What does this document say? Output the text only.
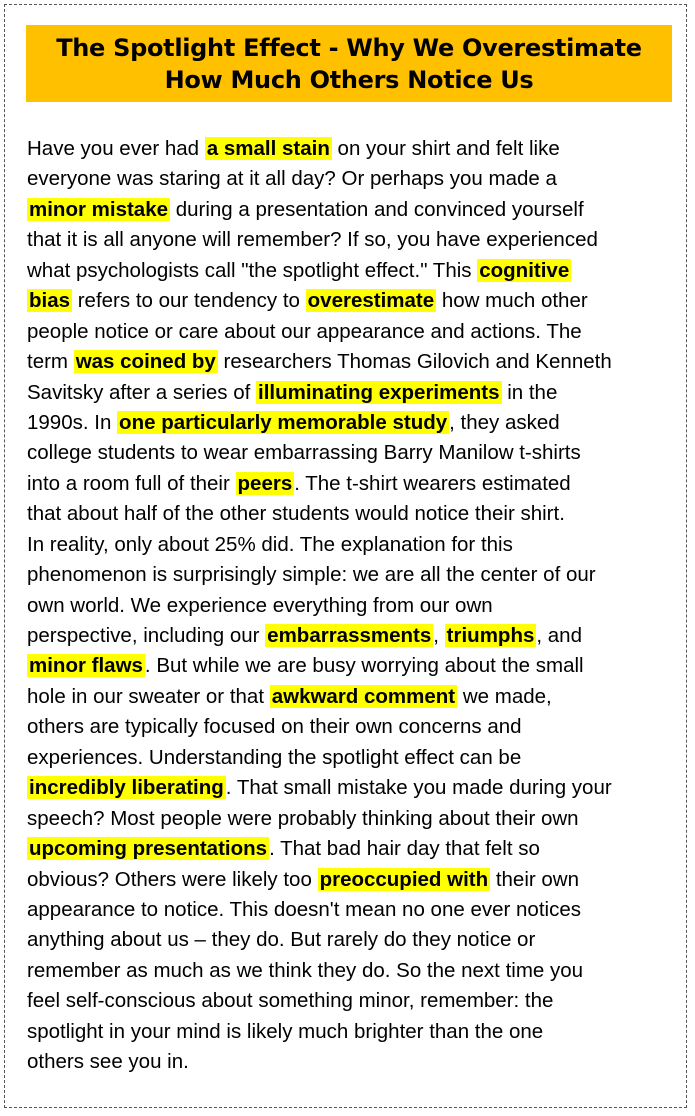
The Spotlight Effect - Why We Overestimate
How Much Others Notice Us
Have you ever had a small stain on your shirt and felt like
everyone was staring at it all day? Or perhaps you made a
minor mistake during a presentation and convinced yourself
that it is all anyone will remember? If so, you have experienced
what psychologists call "the spotlight effect." This cognitive
bias refers to our tendency to overestimate how much other
people notice or care about our appearance and actions. The
term was coined by researchers Thomas Gilovich and Kenneth
Savitsky after a series of illuminating experiments in the
1990s. In one particularly memorable study, they asked
college students to wear embarrassing Barry Manilow t-shirts
into a room full of their peers. The t-shirt wearers estimated
that about half of the other students would notice their shirt.
In reality, only about 25% did. The explanation for this
phenomenon is surprisingly simple: we are all the center of our
own world. We experience everything from our own
perspective, including our embarrassments, triumphs, and
minor flaws. But while we are busy worrying about the small
hole in our sweater or that awkward comment we made,
others are typically focused on their own concerns and
experiences. Understanding the spotlight effect can be
incredibly liberating. That small mistake you made during your
speech? Most people were probably thinking about their own
upcoming presentations. That bad hair day that felt so
obvious? Others were likely too preoccupied with their own
appearance to notice. This doesn't mean no one ever notices
anything about us – they do. But rarely do they notice or
remember as much as we think they do. So the next time you
feel self-conscious about something minor, remember: the
spotlight in your mind is likely much brighter than the one
others see you in.
